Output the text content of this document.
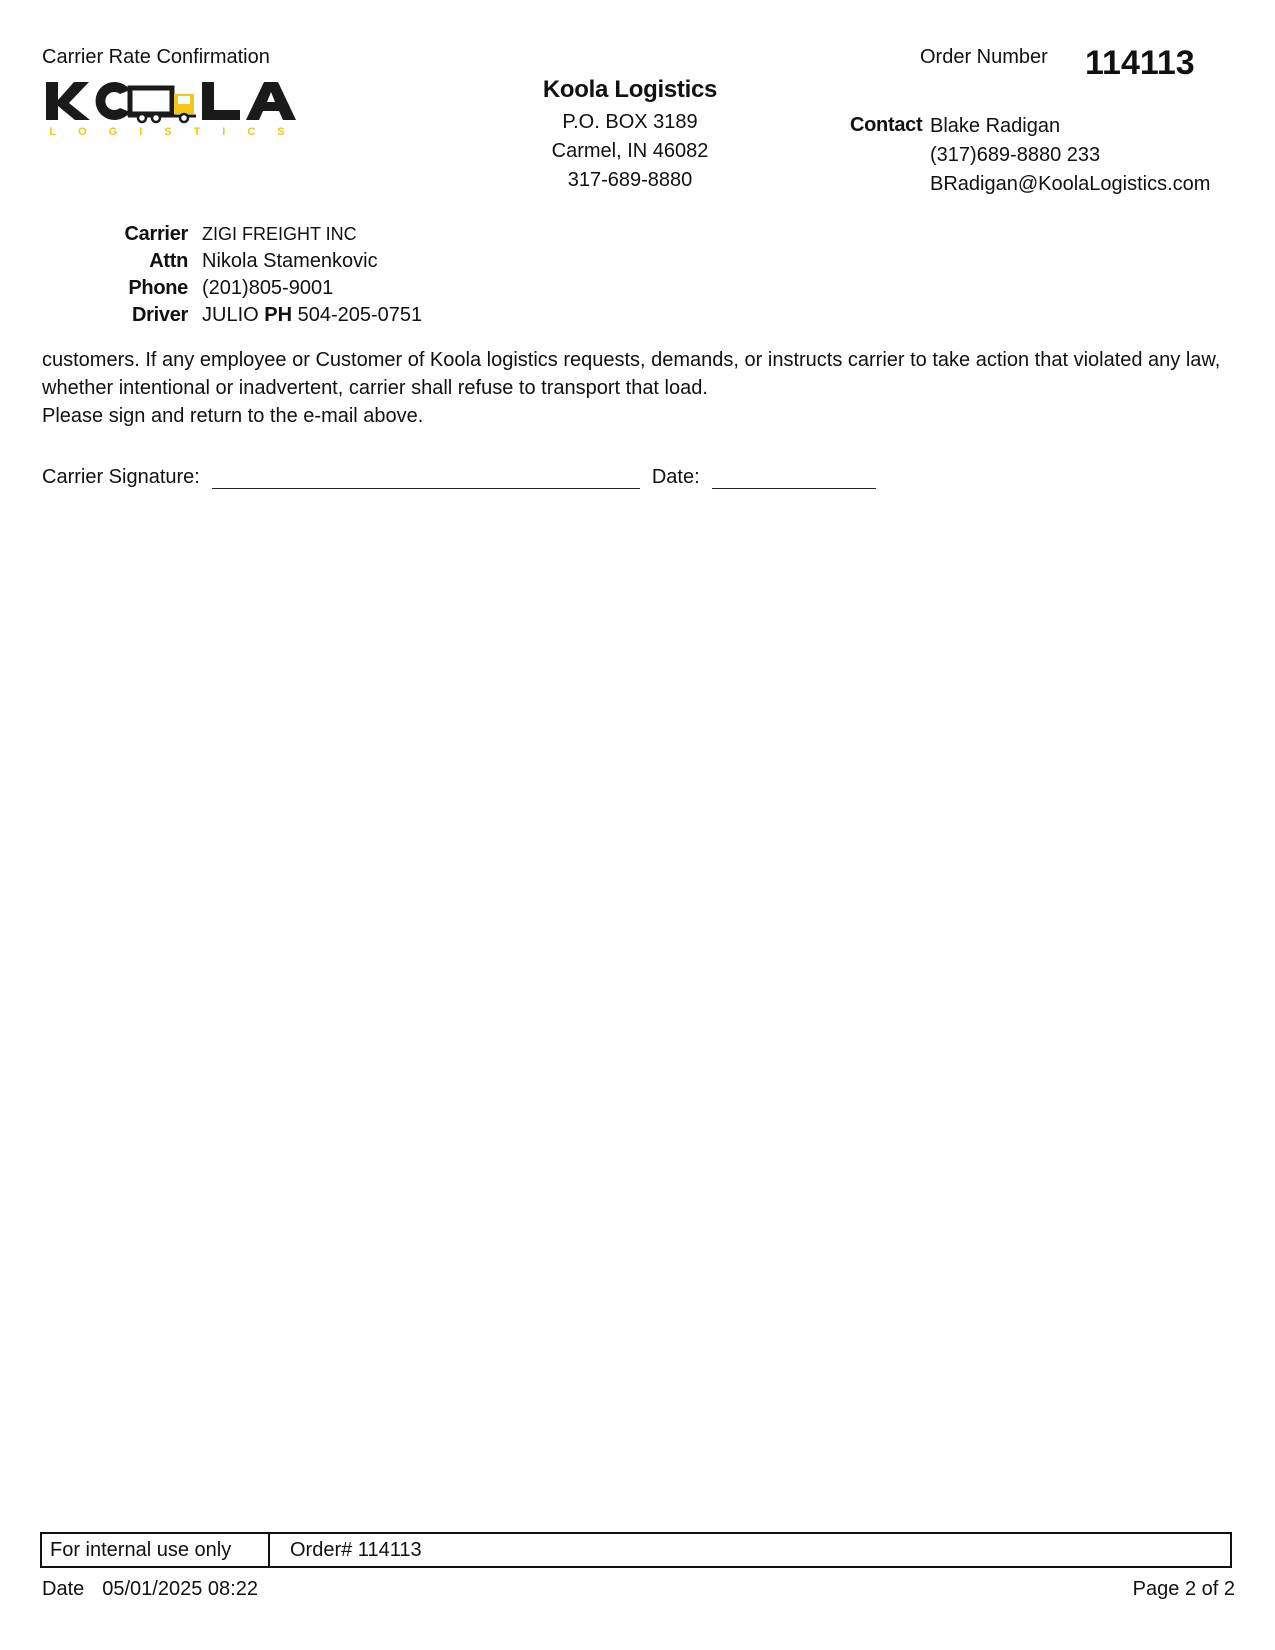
Carrier Rate Confirmation
LOGISTICS
Koola Logistics
P.O. BOX 3189
Carmel, IN 46082
317-689-8880
Order Number 114113
Contact Blake Radigan
(317)689-8880 233
BRadigan@KoolaLogistics.com
Carrier ZIGI FREIGHT INC
Attn Nikola Stamenkovic
Phone (201)805-9001
Driver JULIO PH 504-205-0751

customers. If any employee or Customer of Koola logistics requests, demands, or instructs carrier to take action that violated any law, whether intentional or inadvertent, carrier shall refuse to transport that load.

Please sign and return to the e-mail above.

Carrier Signature:	Date:
For internal use only	Order# 114113
Date 05/01/2025 08:22	Page 2 of 2
